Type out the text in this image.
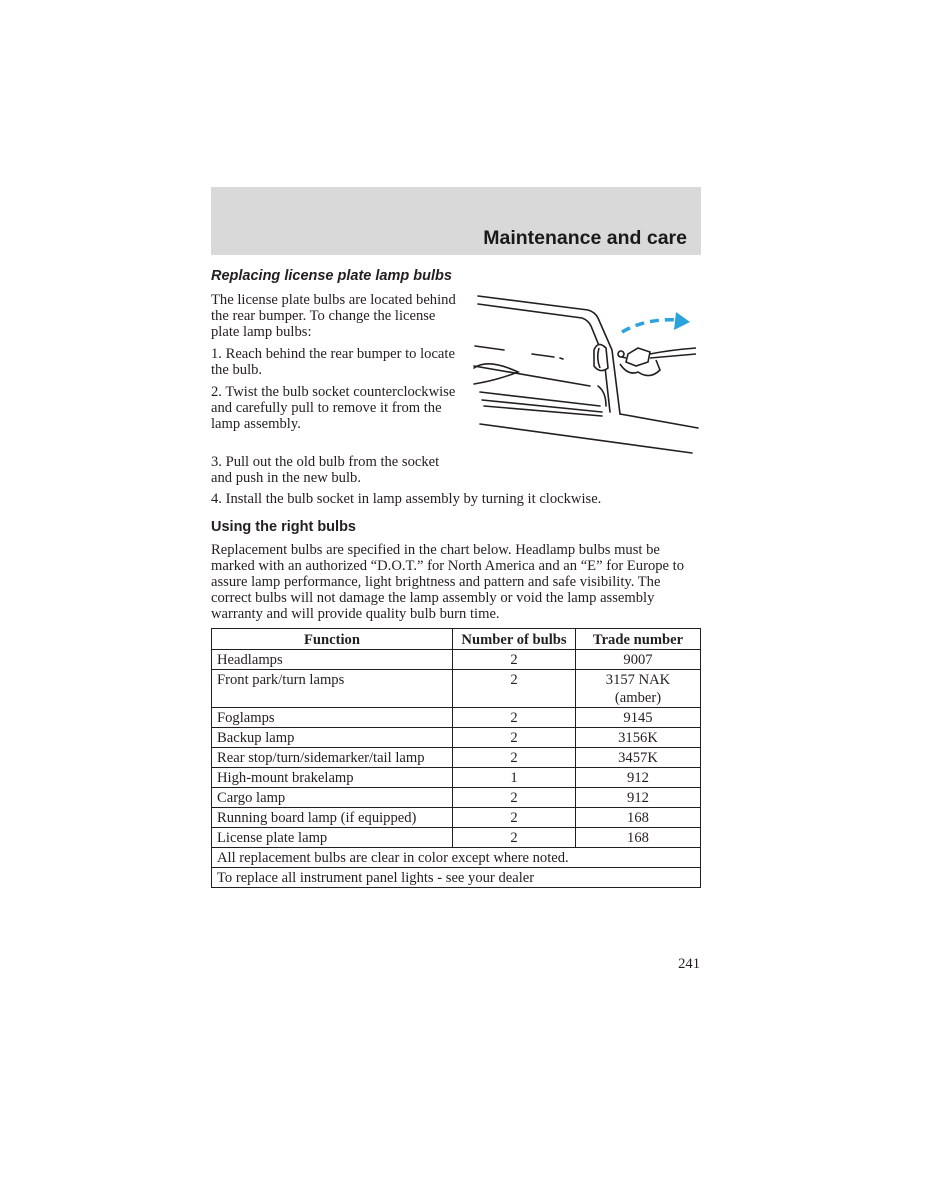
Maintenance and care
Replacing license plate lamp bulbs
The license plate bulbs are located behind the rear bumper. To change the license plate lamp bulbs:
1. Reach behind the rear bumper to locate the bulb.
2. Twist the bulb socket counterclockwise and carefully pull to remove it from the lamp assembly.
3. Pull out the old bulb from the socket and push in the new bulb.
4. Install the bulb socket in lamp assembly by turning it clockwise.
Using the right bulbs
Replacement bulbs are specified in the chart below. Headlamp bulbs must be marked with an authorized “D.O.T.” for North America and an “E” for Europe to assure lamp performance, light brightness and pattern and safe visibility. The correct bulbs will not damage the lamp assembly or void the lamp assembly warranty and will provide quality bulb burn time.
Function	Number of bulbs	Trade number
Headlamps	2	9007
Front park/turn lamps	2	3157 NAK (amber)
Foglamps	2	9145
Backup lamp	2	3156K
Rear stop/turn/sidemarker/tail lamp	2	3457K
High-mount brakelamp	1	912
Cargo lamp	2	912
Running board lamp (if equipped)	2	168
License plate lamp	2	168
All replacement bulbs are clear in color except where noted.		
To replace all instrument panel lights - see your dealer		
241
